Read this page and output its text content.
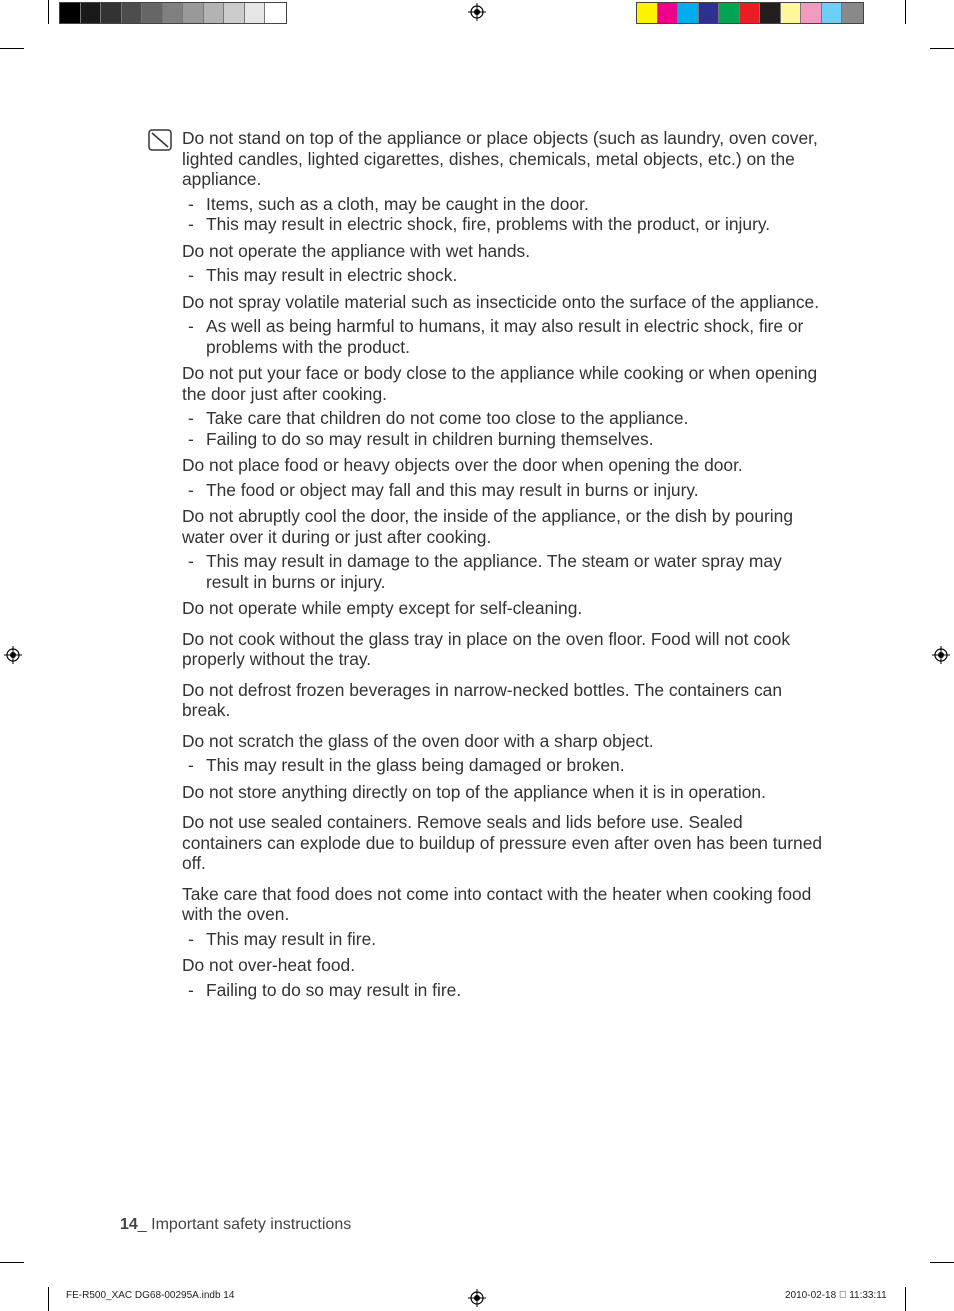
Do not stand on top of the appliance or place objects (such as laundry, oven cover, lighted candles, lighted cigarettes, dishes, chemicals, metal objects, etc.) on the appliance.
- Items, such as a cloth, may be caught in the door.
- This may result in electric shock, fire, problems with the product, or injury.
Do not operate the appliance with wet hands.
- This may result in electric shock.
Do not spray volatile material such as insecticide onto the surface of the appliance.
- As well as being harmful to humans, it may also result in electric shock, fire or problems with the product.
Do not put your face or body close to the appliance while cooking or when opening the door just after cooking.
- Take care that children do not come too close to the appliance.
- Failing to do so may result in children burning themselves.
Do not place food or heavy objects over the door when opening the door.
- The food or object may fall and this may result in burns or injury.
Do not abruptly cool the door, the inside of the appliance, or the dish by pouring water over it during or just after cooking.
- This may result in damage to the appliance. The steam or water spray may result in burns or injury.
Do not operate while empty except for self-cleaning.
Do not cook without the glass tray in place on the oven floor. Food will not cook properly without the tray.
Do not defrost frozen beverages in narrow-necked bottles. The containers can break.
Do not scratch the glass of the oven door with a sharp object.
- This may result in the glass being damaged or broken.
Do not store anything directly on top of the appliance when it is in operation.
Do not use sealed containers. Remove seals and lids before use. Sealed containers can explode due to buildup of pressure even after oven has been turned off.
Take care that food does not come into contact with the heater when cooking food with the oven.
- This may result in fire.
Do not over-heat food.
- Failing to do so may result in fire.
14_ Important safety instructions
FE-R500_XAC DG68-00295A.indb 14	2010-02-18   11:33:11
